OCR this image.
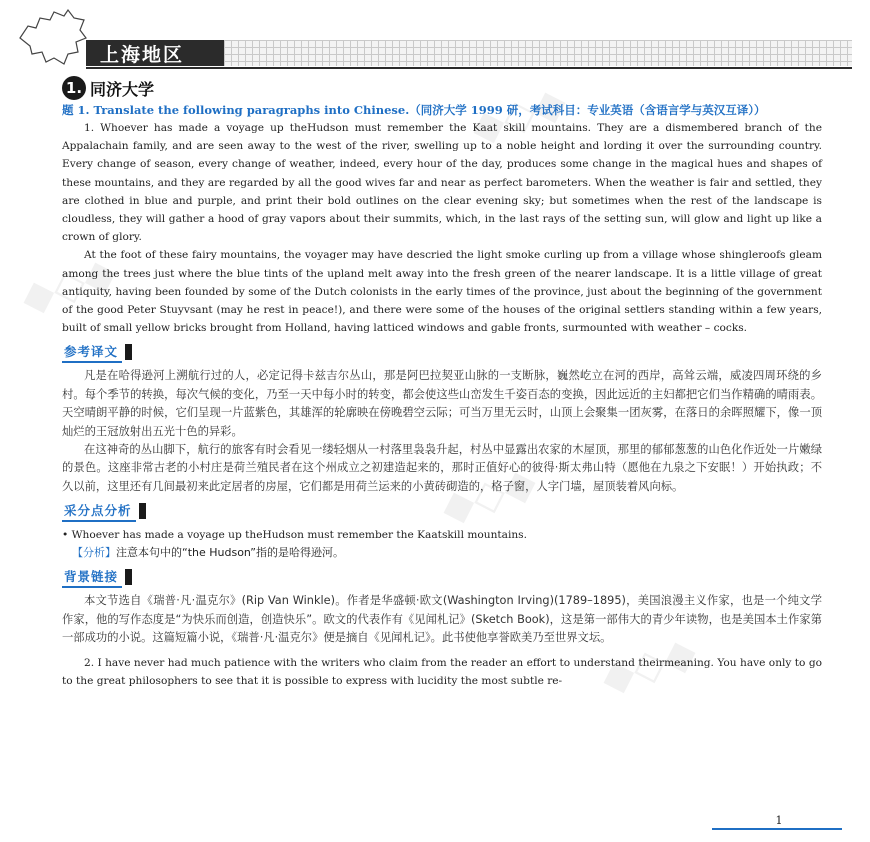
◆◇◆
◆◇◆
◆◇◆
◆◇◆
上海地区
1. 同济大学

题 1. Translate the following paragraphs into Chinese.（同济大学 1999 研，考试科目：专业英语（含语言学与英汉互译））

1. Whoever has made a voyage up theHudson must remember the Kaat skill mountains. They are a dismembered branch of the Appalachain family, and are seen away to the west of the river, swelling up to a noble height and lording it over the surrounding country. Every change of season, every change of weather, indeed, every hour of the day, produces some change in the magical hues and shapes of these mountains, and they are regarded by all the good wives far and near as perfect barometers. When the weather is fair and settled, they are clothed in blue and purple, and print their bold outlines on the clear evening sky; but sometimes when the rest of the landscape is cloudless, they will gather a hood of gray vapors about their summits, which, in the last rays of the setting sun, will glow and light up like a crown of glory.

At the foot of these fairy mountains, the voyager may have descried the light smoke curling up from a village whose shingleroofs gleam among the trees just where the blue tints of the upland melt away into the fresh green of the nearer landscape. It is a little village of great antiquity, having been founded by some of the Dutch colonists in the early times of the province, just about the beginning of the government of the good Peter Stuyvsant (may he rest in peace!), and there were some of the houses of the original settlers standing within a few years, built of small yellow bricks brought from Holland, having latticed windows and gable fronts, surmounted with weather – cocks.

参考译文

凡是在哈得逊河上溯航行过的人，必定记得卡兹吉尔丛山，那是阿巴拉契亚山脉的一支断脉，巍然屹立在河的西岸，高耸云端，威凌四周环绕的乡村。每个季节的转换，每次气候的变化，乃至一天中每小时的转变，都会使这些山峦发生千姿百态的变换，因此远近的主妇都把它们当作精确的晴雨表。天空晴朗平静的时候，它们呈现一片蓝紫色，其雄浑的轮廓映在傍晚碧空云际；可当万里无云时，山顶上会聚集一团灰雾，在落日的余晖照耀下，像一顶灿烂的王冠放射出五光十色的异彩。

在这神奇的丛山脚下，航行的旅客有时会看见一缕轻烟从一村落里袅袅升起，村丛中显露出农家的木屋顶，那里的郁郁葱葱的山色化作近处一片嫩绿的景色。这座非常古老的小村庄是荷兰殖民者在这个州成立之初建造起来的，那时正值好心的彼得·斯太弗山特（愿他在九泉之下安眠！）开始执政；不久以前，这里还有几间最初来此定居者的房屋，它们都是用荷兰运来的小黄砖砌造的，格子窗，人字门墙，屋顶装着风向标。

采分点分析

• Whoever has made a voyage up theHudson must remember the Kaatskill mountains.

【分析】注意本句中的“the Hudson”指的是哈得逊河。

背景链接

本文节选自《瑞普·凡·温克尔》(Rip Van Winkle)。作者是华盛顿·欧文(Washington Irving)(1789–1895)，美国浪漫主义作家，也是一个纯文学作家，他的写作态度是“为快乐而创造，创造快乐”。欧文的代表作有《见闻札记》(Sketch Book)，这是第一部伟大的青少年读物，也是美国本土作家第一部成功的小说。这篇短篇小说，《瑞普·凡·温克尔》便是摘自《见闻札记》。此书使他享誉欧美乃至世界文坛。

2. I have never had much patience with the writers who claim from the reader an effort to understand theirmeaning. You have only to go to the great philosophers to see that it is possible to express with lucidity the most subtle re-

1
